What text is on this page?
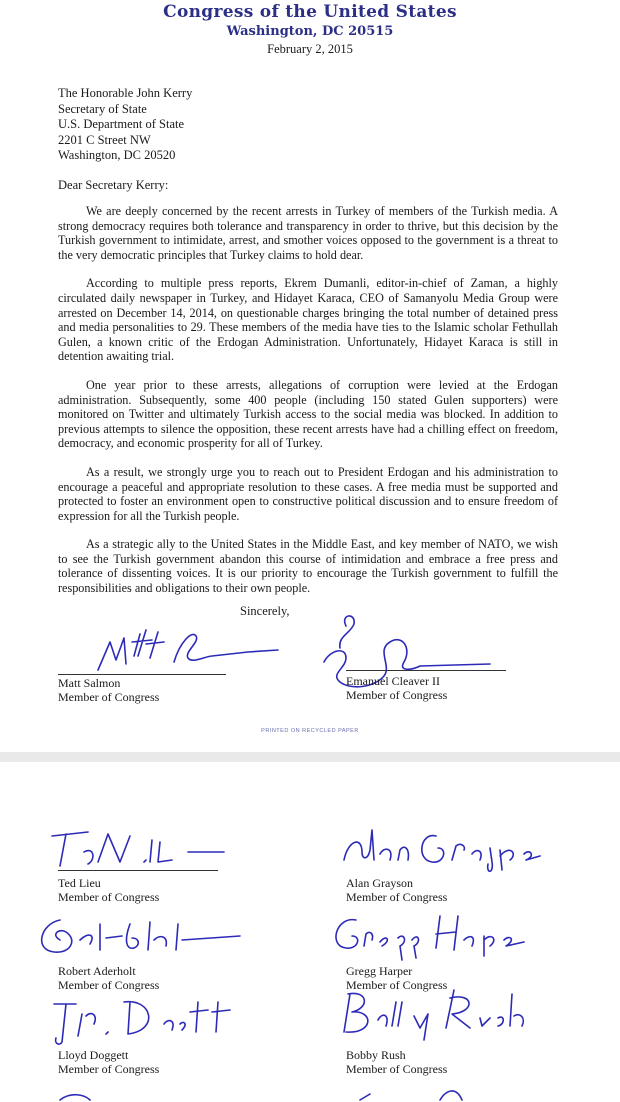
Congress of the United States
Washington, DC 20515
February 2, 2015
The Honorable John Kerry
Secretary of State
U.S. Department of State
2201 C Street NW
Washington, DC 20520
Dear Secretary Kerry:

We are deeply concerned by the recent arrests in Turkey of members of the Turkish media. A strong democracy requires both tolerance and transparency in order to thrive, but this decision by the Turkish government to intimidate, arrest, and smother voices opposed to the government is a threat to the very democratic principles that Turkey claims to hold dear.

According to multiple press reports, Ekrem Dumanli, editor-in-chief of Zaman, a highly circulated daily newspaper in Turkey, and Hidayet Karaca, CEO of Samanyolu Media Group were arrested on December 14, 2014, on questionable charges bringing the total number of detained press and media personalities to 29. These members of the media have ties to the Islamic scholar Fethullah Gulen, a known critic of the Erdogan Administration. Unfortunately, Hidayet Karaca is still in detention awaiting trial.

One year prior to these arrests, allegations of corruption were levied at the Erdogan administration. Subsequently, some 400 people (including 150 stated Gulen supporters) were monitored on Twitter and ultimately Turkish access to the social media was blocked. In addition to previous attempts to silence the opposition, these recent arrests have had a chilling effect on freedom, democracy, and economic prosperity for all of Turkey.

As a result, we strongly urge you to reach out to President Erdogan and his administration to encourage a peaceful and appropriate resolution to these cases. A free media must be supported and protected to foster an environment open to constructive political discussion and to ensure freedom of expression for all the Turkish people.

As a strategic ally to the United States in the Middle East, and key member of NATO, we wish to see the Turkish government abandon this course of intimidation and embrace a free press and tolerance of dissenting voices. It is our priority to encourage the Turkish government to fulfill the responsibilities and obligations to their own people.

Sincerely,
Matt Salmon
Member of Congress
Emanuel Cleaver II
Member of Congress
PRINTED ON RECYCLED PAPER
Ted Lieu
Member of Congress
Alan Grayson
Member of Congress
Robert Aderholt
Member of Congress
Gregg Harper
Member of Congress
Lloyd Doggett
Member of Congress
Bobby Rush
Member of Congress
